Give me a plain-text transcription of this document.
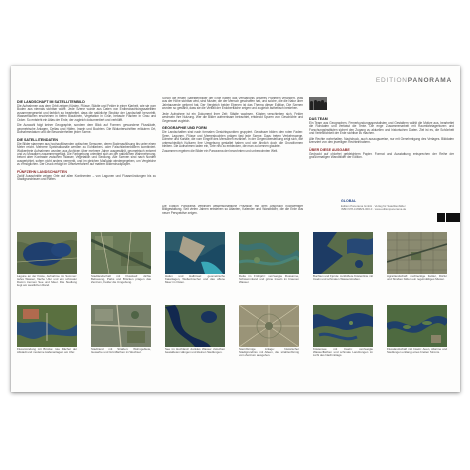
EDITIONPANORAMA
DIE LANDSCHAFT IM SATELLITENBILD

Die Aufnahmen aus dem Orbit zeigen Küsten, Flüsse, Städte und Felder in einer Klarheit, wie sie vom Boden aus niemals sichtbar wäre. Jede Szene wurde aus Daten von Erdbeobachtungssatelliten zusammengesetzt und farblich so bearbeitet, dass die natürliche Struktur der Landschaft hervortritt. Wasserflächen erscheinen in tiefen Blautönen, Vegetation in Grün, bebaute Flächen in Grau und Ocker. So entsteht ein Atlas der Erde, der zugleich dokumentiert und verblüfft.

Die Auswahl folgt keiner Geographie, sondern dem Blick auf Formen: gewundene Flussläufe, geometrische Anlagen, Deltas und Häfen, Inseln und Buchten. Die Bildunterschriften erläutern Ort, Aufnahmedatum und die Besonderheiten jeder Szene.

DIE SATELLITENDATEN

Die Bilder stammen aus hochauflösenden optischen Sensoren, deren Bodenauflösung bis unter einen Meter reicht. Mehrere Spektralkanäle werden zu Echtfarben- oder Falschfarbenbildern kombiniert. Wolkenfreie Aufnahmen wurden aus Archiven über mehrere Jahre ausgewählt, geometrisch entzerrt und zu Mosaiken zusammengefügt. Die Farbgebung orientiert sich an der natürlichen Wahrnehmung, betont aber Kontraste zwischen Wasser, Vegetation und Siedlung. Alle Szenen sind nach Norden ausgerichtet, sofern nicht anders vermerkt, und im gleichen Maßstab wiedergegeben, um Vergleiche zu ermöglichen. Der Druck erfolgt im Offsetverfahren auf mattem Bilderdruckpapier.

FÜNFZEHN LANDSCHAFTEN

Zwölf Ausschnitte zeigen Orte auf allen Kontinenten – von Lagunen und Flussmündungen bis zu Stadtgrundrissen und Häfen.

Schon die ersten Satellitenbilder der Erde haben das Verständnis unseres Planeten verändert. Was aus der Höhe sichtbar wird, sind Muster, die der Mensch geschaffen hat, und solche, die die Natur über Jahrtausende geformt hat. Der Vergleich beider Ebenen ist das Thema dieser Edition. Die Szenen wurden so gewählt, dass sie die Vielfalt der Erdoberfläche zeigen und zugleich ästhetisch bestehen.

Jede Aufnahme ist ein Dokument ihrer Zeit: Städte wachsen, Küsten verschieben sich, Felder wechseln ihre Nutzung. Wer die Bilder aufmerksam betrachtet, entdeckt Spuren von Geschichte und Gegenwart zugleich.

GEOGRAPHIE UND FORM

Die Landschaften sind nach formalen Gesichtspunkten gruppiert. Gewässer bilden den roten Faden: Seen, Lagunen, Flüsse und Meeresbuchten prägen fast jede Szene. Dazu treten Verkehrswege, Dämme und Kanäle, die vom Eingriff des Menschen erzählen. In der Gegenüberstellung zeigt sich, wie unterschiedlich Kulturen ihre Umgebung gestaltet haben und wie ähnlich doch die Grundformen bleiben. Die Aufnahmen laden ein, Orte neu zu entdecken, die man zu kennen glaubte.

Zusammen ergeben die Bilder ein Panorama der bewohnten und unbewohnten Welt.

Die Edition Panorama verbindet wissenschaftliche Präzision mit dem Anspruch hochwertiger Bildgestaltung. Seit vielen Jahren entstehen so Atlanten, Kalender und Wandbilder, die die Erde aus neuer Perspektive zeigen.

DAS TEAM

Ein Team aus Geographen, Fernerkundungsspezialisten und Gestaltern wählt die Motive aus, bearbeitet die Rohdaten und verfasst die Texte. Die enge Zusammenarbeit mit Raumfahrtagenturen und Forschungsinstituten sichert den Zugang zu aktuellen und historischen Daten. Ziel ist es, die Schönheit und Verletzlichkeit der Erde sichtbar zu machen.

Alle Rechte vorbehalten. Nachdruck, auch auszugsweise, nur mit Genehmigung des Verlages. Bilddaten lizenziert von den jeweiligen Rechteinhabern.

ÜBER DIESE AUSGABE

Gedruckt auf chlorfrei gebleichtem Papier. Format und Ausstattung entsprechen der Reihe der großformatigen Wandbilder der Edition.

GLOBAL
Edition Panorama GmbH · Verlag für Satellitenbilder
ISBN 978-3-89823-000-0 · www.editionpanorama.de
Lagune an der Küste, Aufnahme im Sommer: tiefes Wasser, flache Ufer und ein schmaler Damm trennen See und Meer. Die Siedlung liegt am westlichen Rand.
Stadtlandschaft mit Flusslauf: dichte Bebauung, Parks und Brücken prägen das Zentrum, Felder die Umgebung.
Hafen und Halbinsel: geometrische Kaianlagen, Wellenbrecher und das offene Meer im Osten.
Delta im Frühjahr: verzweigte Flussarme, Schwemmland und grüne Inseln im braunen Wasser.
Buchten und Fjorde: zerklüftete Küstenlinie mit Inseln und schmalen Wasserstraßen.
Agrarlandschaft: rechteckige Felder, Dörfer und Straßen bilden ein regelmäßiges Muster.
Flussmündung mit Brücke: rote Dächer der Altstadt und moderne Hafenanlagen am Ufer.
Stadtrand mit Straßen: Wohngebiete, Gewerbe und Grünflächen im Wechsel.
See im Hochland: dunkles Wasser zwischen bewaldeten Hängen und kleinen Siedlungen.
Sternförmige Anlage: historischer Stadtgrundriss mit Alleen, die strahlenförmig vom Zentrum ausgehen.
Küstensee mit Inseln: verzweigte Wasserflächen und schmale Landzungen im Licht des Nachmittags.
Flusslandschaft mit Inseln: Auen, Altarme und Siedlungen entlang eines breiten Stroms.
